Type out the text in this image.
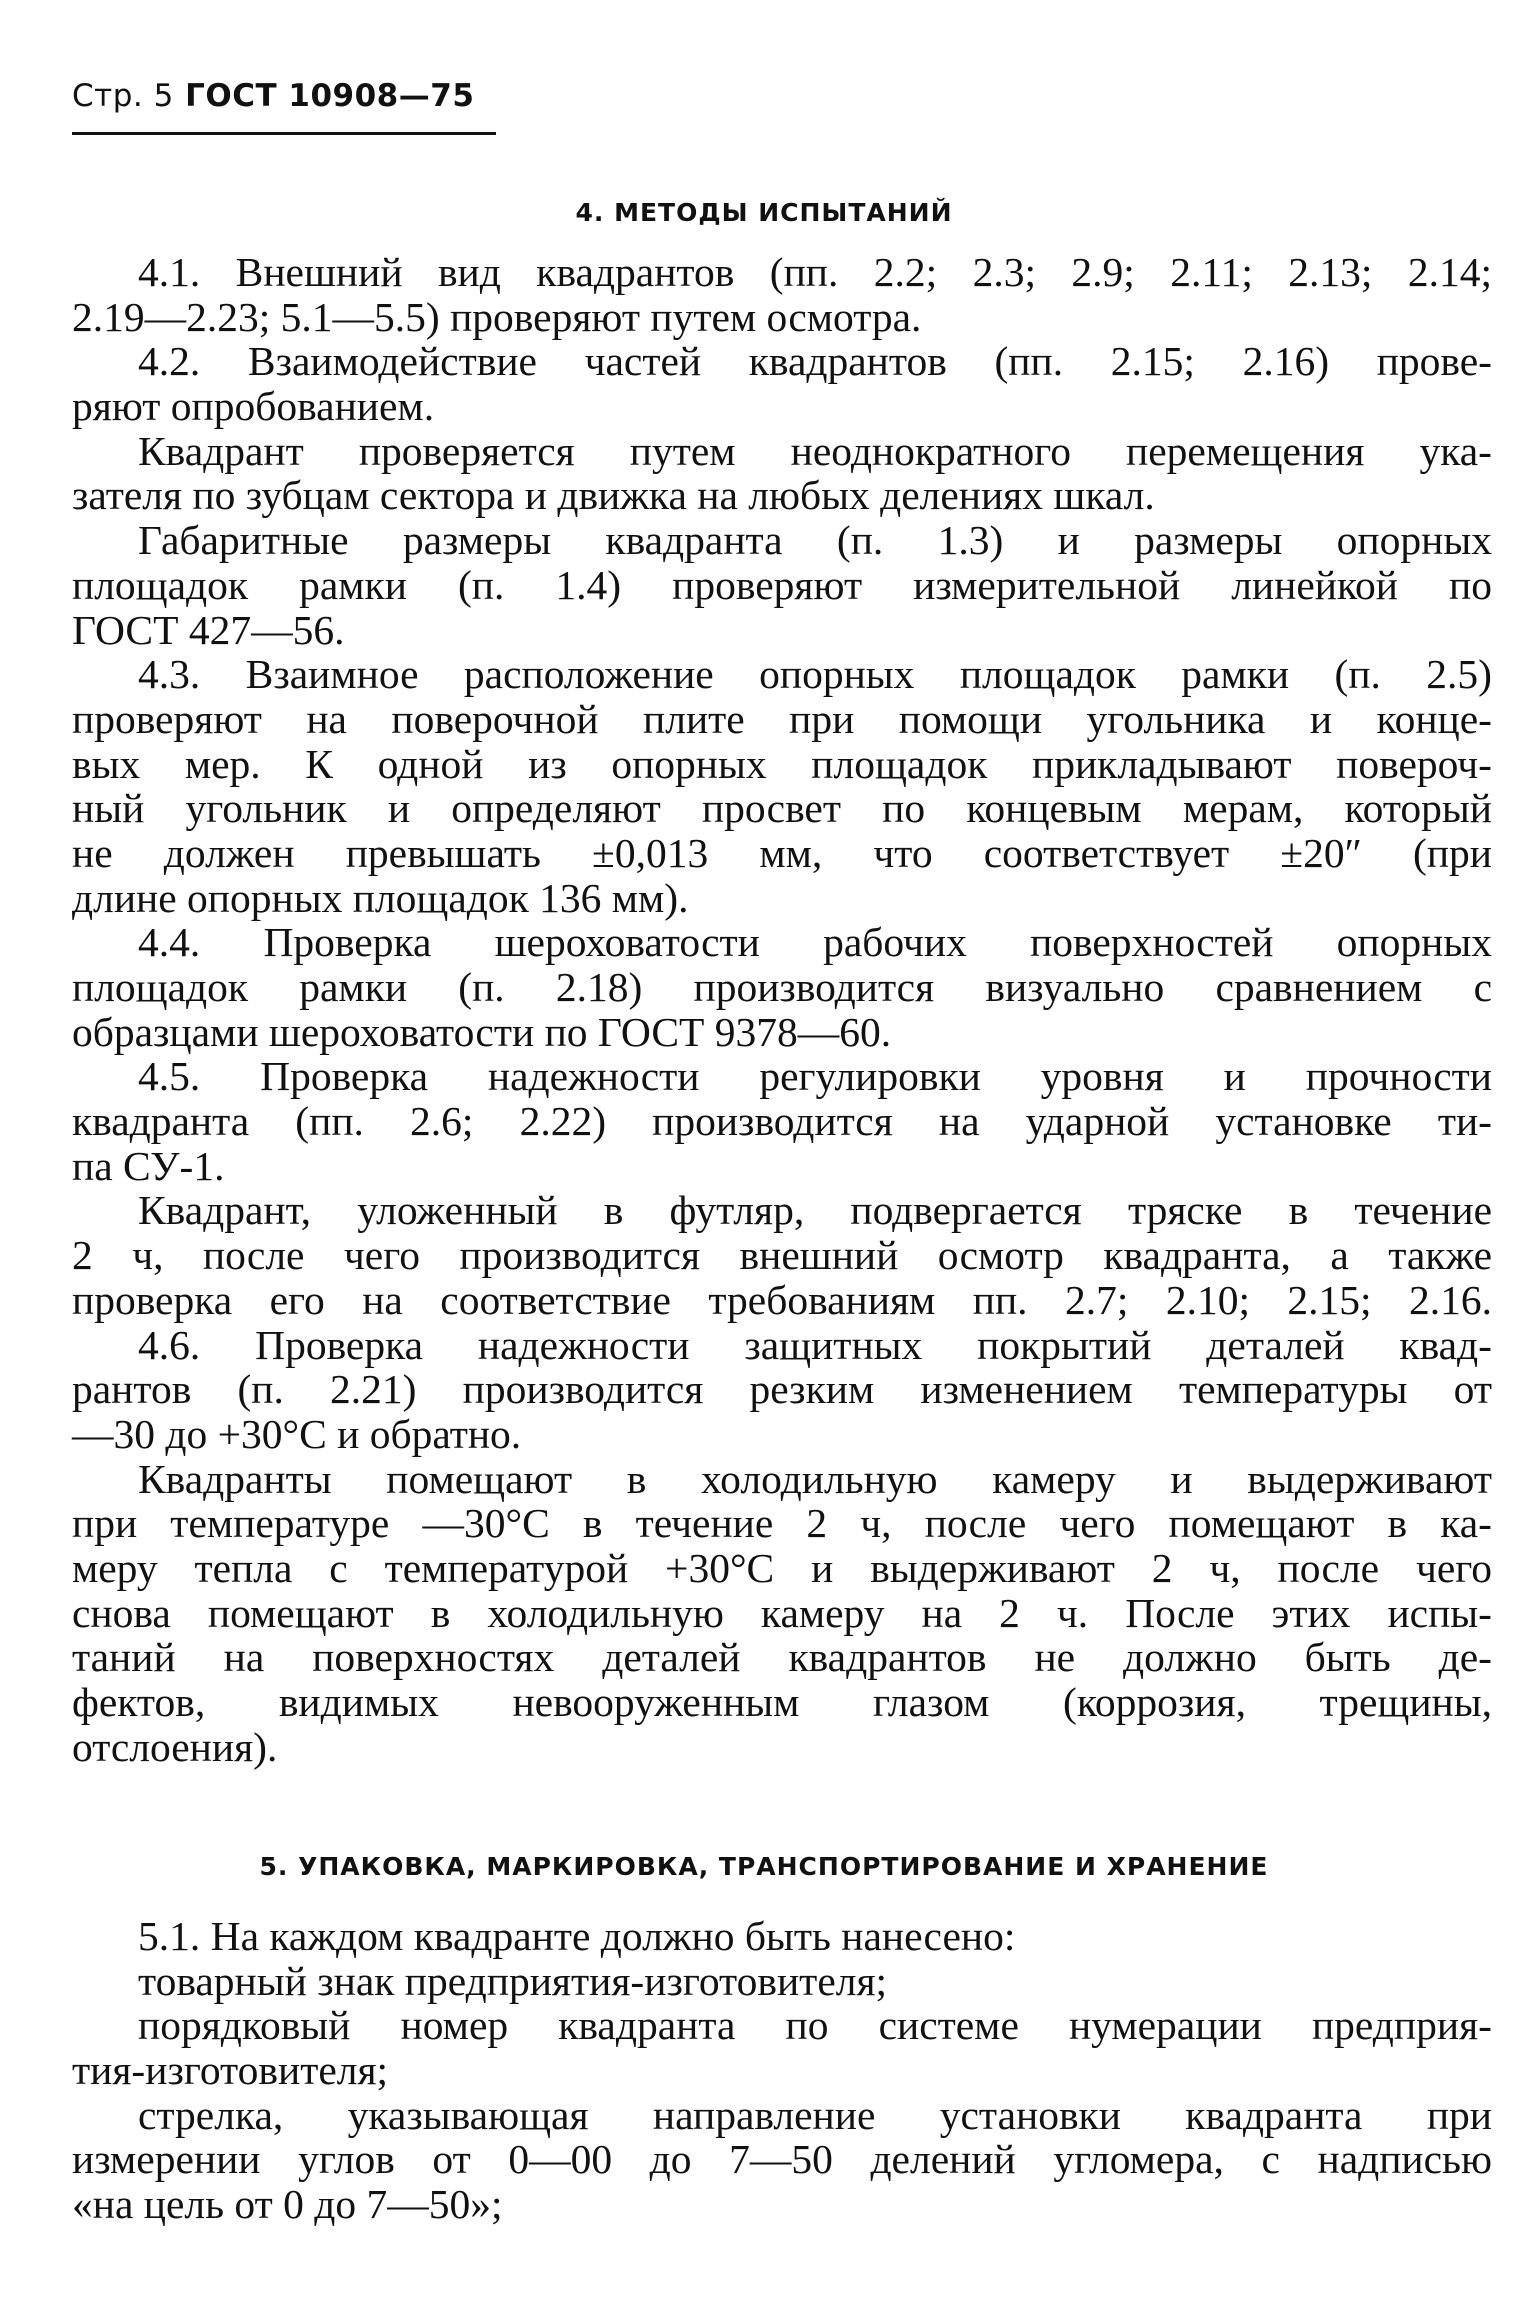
Стр. 5 ГОСТ 10908—75
4. МЕТОДЫ ИСПЫТАНИЙ
4.1. Внешний вид квадрантов (пп. 2.2; 2.3; 2.9; 2.11; 2.13; 2.14;
2.19—2.23; 5.1—5.5) проверяют путем осмотра.
4.2. Взаимодействие частей квадрантов (пп. 2.15; 2.16) прове-
ряют опробованием.
Квадрант проверяется путем неоднократного перемещения ука-
зателя по зубцам сектора и движка на любых делениях шкал.
Габаритные размеры квадранта (п. 1.3) и размеры опорных
площадок рамки (п. 1.4) проверяют измерительной линейкой по
ГОСТ 427—56.
4.3. Взаимное расположение опорных площадок рамки (п. 2.5)
проверяют на поверочной плите при помощи угольника и конце-
вых мер. К одной из опорных площадок прикладывают повероч-
ный угольник и определяют просвет по концевым мерам, который
не должен превышать ±0,013 мм, что соответствует ±20″ (при
длине опорных площадок 136 мм).
4.4. Проверка шероховатости рабочих поверхностей опорных
площадок рамки (п. 2.18) производится визуально сравнением с
образцами шероховатости по ГОСТ 9378—60.
4.5. Проверка надежности регулировки уровня и прочности
квадранта (пп. 2.6; 2.22) производится на ударной установке ти-
па СУ-1.
Квадрант, уложенный в футляр, подвергается тряске в течение
2 ч, после чего производится внешний осмотр квадранта, а также
проверка его на соответствие требованиям пп. 2.7; 2.10; 2.15; 2.16.
4.6. Проверка надежности защитных покрытий деталей квад-
рантов (п. 2.21) производится резким изменением температуры от
—30 до +30°С и обратно.
Квадранты помещают в холодильную камеру и выдерживают
при температуре —30°С в течение 2 ч, после чего помещают в ка-
меру тепла с температурой +30°С и выдерживают 2 ч, после чего
снова помещают в холодильную камеру на 2 ч. После этих испы-
таний на поверхностях деталей квадрантов не должно быть де-
фектов, видимых невооруженным глазом (коррозия, трещины,
отслоения).
5. УПАКОВКА, МАРКИРОВКА, ТРАНСПОРТИРОВАНИЕ И ХРАНЕНИЕ
5.1. На каждом квадранте должно быть нанесено:
товарный знак предприятия-изготовителя;
порядковый номер квадранта по системе нумерации предприя-
тия-изготовителя;
стрелка, указывающая направление установки квадранта при
измерении углов от 0—00 до 7—50 делений угломера, с надписью
«на цель от 0 до 7—50»;
